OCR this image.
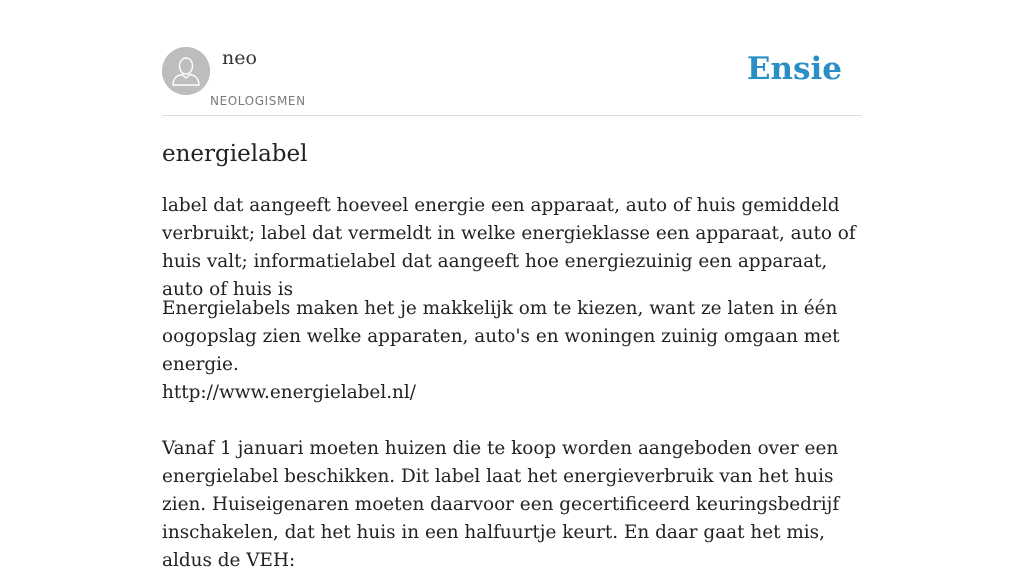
neo
NEOLOGISMEN
Ensie
energielabel

label dat aangeeft hoeveel energie een apparaat, auto of huis gemiddeld verbruikt; label dat vermeldt in welke energieklasse een apparaat, auto of huis valt; informatielabel dat aangeeft hoe energiezuinig een apparaat, auto of huis is

Energielabels maken het je makkelijk om te kiezen, want ze laten in één oogopslag zien welke apparaten, auto's en woningen zuinig omgaan met energie.

http://www.energielabel.nl/

Vanaf 1 januari moeten huizen die te koop worden aangeboden over een energielabel beschikken. Dit label laat het energieverbruik van het huis zien. Huiseigenaren moeten daarvoor een gecertificeerd keuringsbedrijf inschakelen, dat het huis in een halfuurtje keurt. En daar gaat het mis, aldus de VEH:
